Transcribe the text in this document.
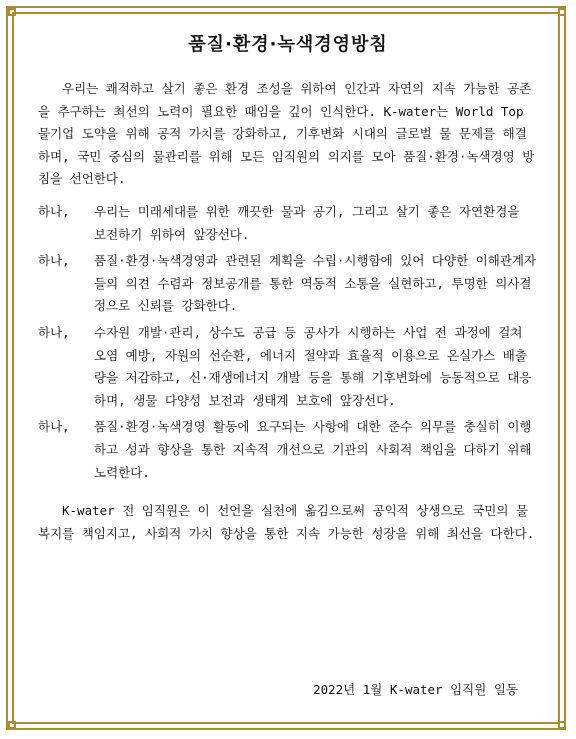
품질·환경·녹색경영방침

우리는 쾌적하고 살기 좋은 환경 조성을 위하여 인간과 자연의 지속 가능한 공존을 추구하는 최선의 노력이 필요한 때임을 깊이 인식한다. K-water는 World Top 물기업 도약을 위해 공적 가치를 강화하고, 기후변화 시대의 글로벌 물 문제를 해결하며, 국민 중심의 물관리를 위해 모든 임직원의 의지를 모아 품질·환경·녹색경영 방침을 선언한다.

하나,	우리는 미래세대를 위한 깨끗한 물과 공기, 그리고 살기 좋은 자연환경을 보전하기 위하여 앞장선다.

하나,	품질·환경·녹색경영과 관련된 계획을 수립·시행함에 있어 다양한 이해관계자들의 의견 수렴과 정보공개를 통한 역동적 소통을 실현하고, 투명한 의사결정으로 신뢰를 강화한다.

하나,	수자원 개발·관리, 상수도 공급 등 공사가 시행하는 사업 전 과정에 걸쳐 오염 예방, 자원의 선순환, 에너지 절약과 효율적 이용으로 온실가스 배출량을 저감하고, 신·재생에너지 개발 등을 통해 기후변화에 능동적으로 대응하며, 생물 다양성 보전과 생태계 보호에 앞장선다.

하나,	품질·환경·녹색경영 활동에 요구되는 사항에 대한 준수 의무를 충실히 이행하고 성과 향상을 통한 지속적 개선으로 기관의 사회적 책임을 다하기 위해 노력한다.

K-water 전 임직원은 이 선언을 실천에 옮김으로써 공익적 상생으로 국민의 물 복지를 책임지고, 사회적 가치 향상을 통한 지속 가능한 성장을 위해 최선을 다한다.

2022년 1월 K-water 임직원 일동
